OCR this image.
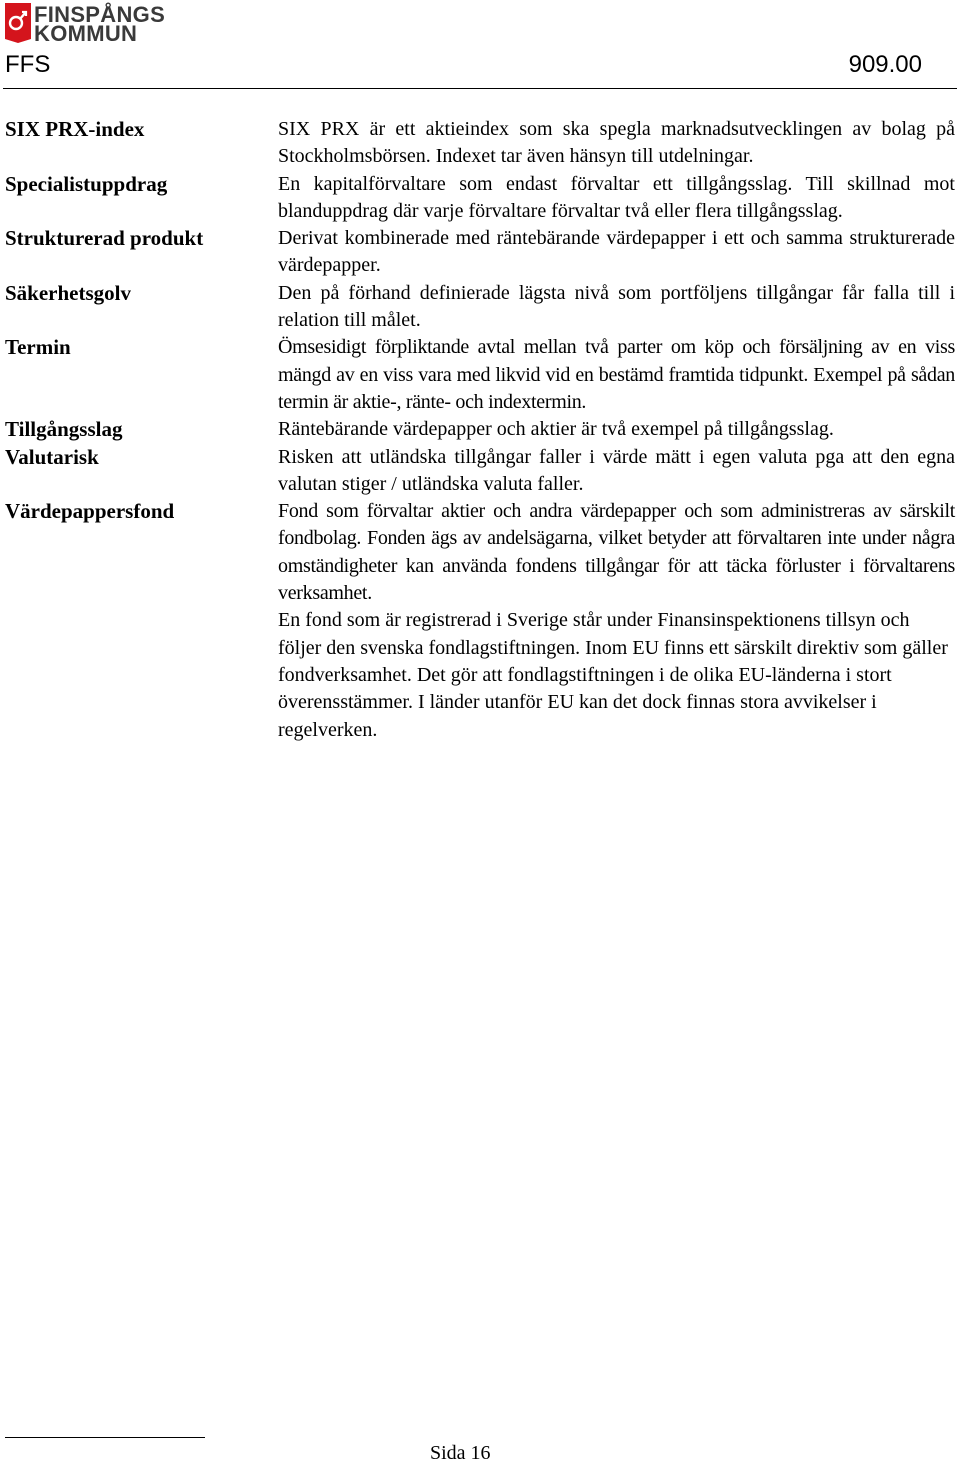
FINSPÅNGS
KOMMUN
FFS	909.00
SIX PRX-index	SIX PRX är ett aktieindex som ska spegla marknadsutvecklingen av bolag på Stockholmsbörsen. Indexet tar även hänsyn till utdelningar.

Specialistuppdrag	En kapitalförvaltare som endast förvaltar ett tillgångsslag. Till skillnad mot blanduppdrag där varje förvaltare förvaltar två eller flera tillgångsslag.

Strukturerad produkt	Derivat kombinerade med räntebärande värdepapper i ett och samma strukturerade värdepapper.

Säkerhetsgolv	Den på förhand definierade lägsta nivå som portföljens tillgångar får falla till i relation till målet.

Termin	Ömsesidigt förpliktande avtal mellan två parter om köp och försäljning av en viss mängd av en viss vara med likvid vid en bestämd framtida tidpunkt. Exempel på sådan termin är aktie-, ränte- och indextermin.

Tillgångsslag	Räntebärande värdepapper och aktier är två exempel på tillgångsslag.

Valutarisk	Risken att utländska tillgångar faller i värde mätt i egen valuta pga att den egna valutan stiger / utländska valuta faller.

Värdepappersfond	Fond som förvaltar aktier och andra värdepapper och som administreras av särskilt fondbolag. Fonden ägs av andelsägarna, vilket betyder att förvaltaren inte under några omständigheter kan använda fondens tillgångar för att täcka förluster i förvaltarens verksamhet.

En fond som är registrerad i Sverige står under Finansinspektionens tillsyn och följer den svenska fondlagstiftningen. Inom EU finns ett särskilt direktiv som gäller fondverksamhet. Det gör att fondlagstiftningen i de olika EU-länderna i stort överensstämmer. I länder utanför EU kan det dock finnas stora avvikelser i regelverken.

Sida 16
